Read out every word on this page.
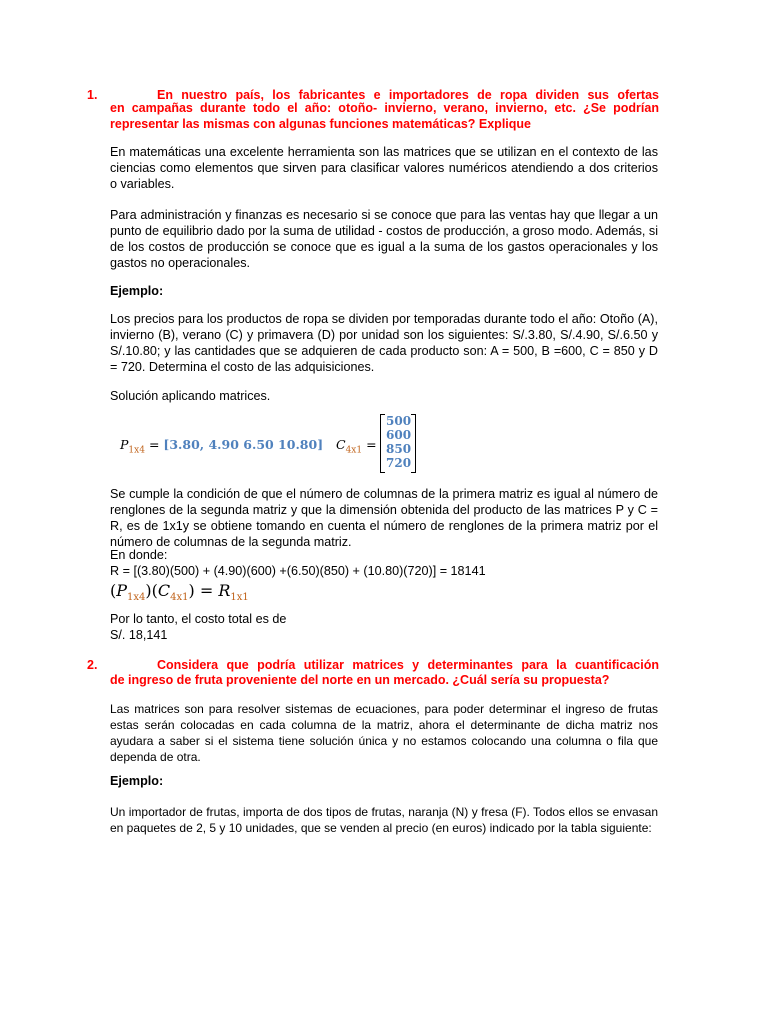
1.	En nuestro país, los fabricantes e importadores de ropa dividen sus ofertas
en campañas durante todo el año: otoño- invierno, verano, invierno, etc. ¿Se podrían
representar las mismas con algunas funciones matemáticas? Explique
En matemáticas una excelente herramienta son las matrices que se utilizan en el contexto de las ciencias como elementos que sirven para clasificar valores numéricos atendiendo a dos criterios o variables.
Para administración y finanzas es necesario si se conoce que para las ventas hay que llegar a un punto de equilibrio dado por la suma de utilidad - costos de producción, a groso modo. Además, si de los costos de producción se conoce que es igual a la suma de los gastos operacionales y los gastos no operacionales.
Ejemplo:
Los precios para los productos de ropa se dividen por temporadas durante todo el año: Otoño (A), invierno (B), verano (C) y primavera (D) por unidad son los siguientes: S/.3.80, S/.4.90, S/.6.50 y S/.10.80; y las cantidades que se adquieren de cada producto son: A = 500, B =600, C = 850 y D = 720. Determina el costo de las adquisiciones.
Solución aplicando matrices.
$P_{1x4} = [3.80$, 4.90 6.50 10.80] $C_{4x1}$ =
500
600
850
720
Se cumple la condición de que el número de columnas de la primera matriz es igual al número de renglones de la segunda matriz y que la dimensión obtenida del producto de las matrices P y C = R, es de 1x1y se obtiene tomando en cuenta el número de renglones de la primera matriz por el número de columnas de la segunda matriz.
En donde:
R = [(3.80)(500) + (4.90)(600) +(6.50)(850) + (10.80)(720)] = 18141
$(P_{1x4})(C_{4x1}) = R_{1x1}$
Por lo tanto, el costo total es de
S/. 18,141
2.	Considera que podría utilizar matrices y determinantes para la cuantificación
de ingreso de fruta proveniente del norte en un mercado. ¿Cuál sería su propuesta?
Las matrices son para resolver sistemas de ecuaciones, para poder determinar el ingreso de frutas estas serán colocadas en cada columna de la matriz, ahora el determinante de dicha matriz nos ayudara a saber si el sistema tiene solución única y no estamos colocando una columna o fila que dependa de otra.
Ejemplo:
Un importador de frutas, importa de dos tipos de frutas, naranja (N) y fresa (F). Todos ellos se envasan en paquetes de 2, 5 y 10 unidades, que se venden al precio (en euros) indicado por la tabla siguiente:
